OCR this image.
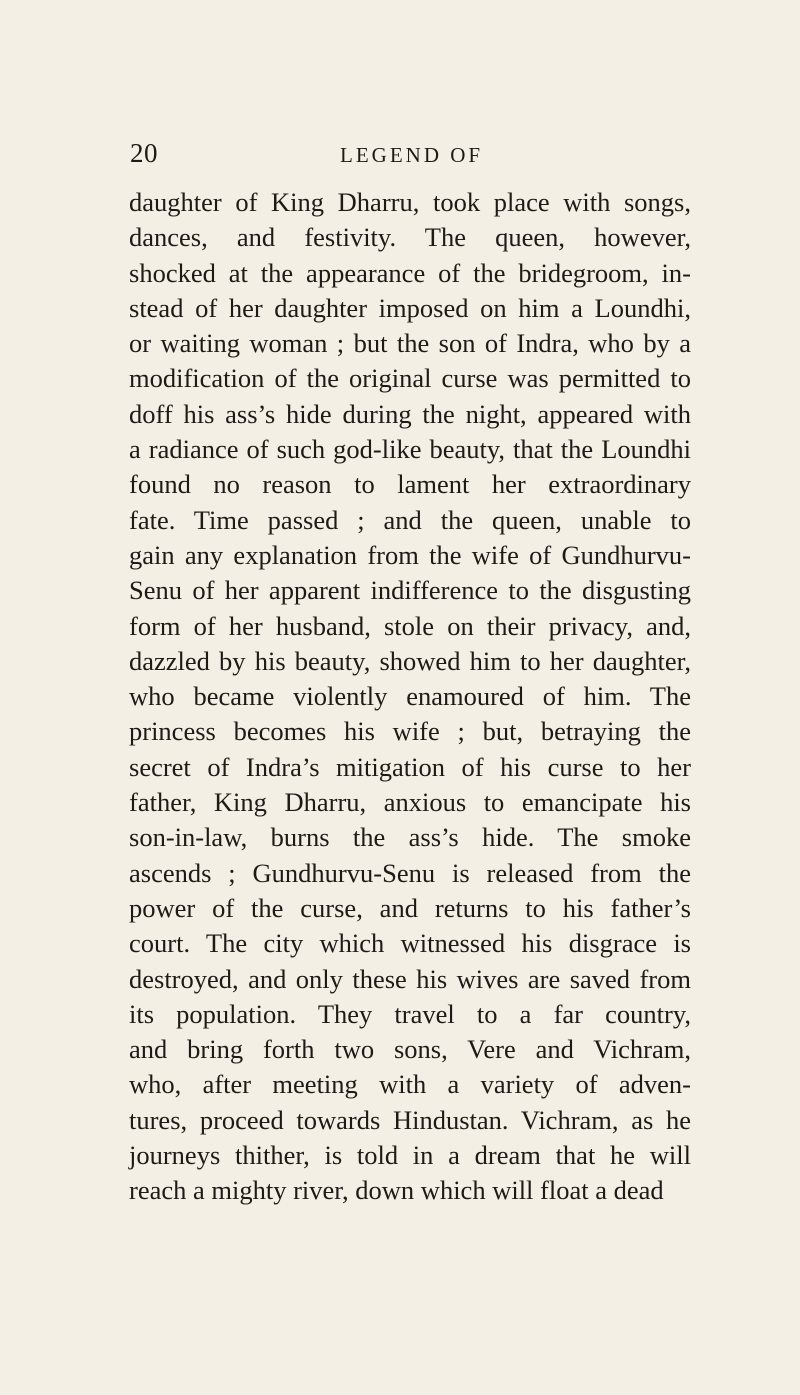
20	LEGEND OF
daughter of King Dharru, took place with songs,
dances, and festivity. The queen, however,
shocked at the appearance of the bridegroom, in-
stead of her daughter imposed on him a Loundhi,
or waiting woman ; but the son of Indra, who by a
modification of the original curse was permitted to
doff his ass’s hide during the night, appeared with
a radiance of such god-like beauty, that the Loundhi
found no reason to lament her extraordinary
fate. Time passed ; and the queen, unable to
gain any explanation from the wife of Gundhurvu-
Senu of her apparent indifference to the disgusting
form of her husband, stole on their privacy, and,
dazzled by his beauty, showed him to her daughter,
who became violently enamoured of him. The
princess becomes his wife ; but, betraying the
secret of Indra’s mitigation of his curse to her
father, King Dharru, anxious to emancipate his
son-in-law, burns the ass’s hide. The smoke
ascends ; Gundhurvu-Senu is released from the
power of the curse, and returns to his father’s
court. The city which witnessed his disgrace is
destroyed, and only these his wives are saved from
its population. They travel to a far country,
and bring forth two sons, Vere and Vichram,
who, after meeting with a variety of adven-
tures, proceed towards Hindustan. Vichram, as he
journeys thither, is told in a dream that he will
reach a mighty river, down which will float a dead
